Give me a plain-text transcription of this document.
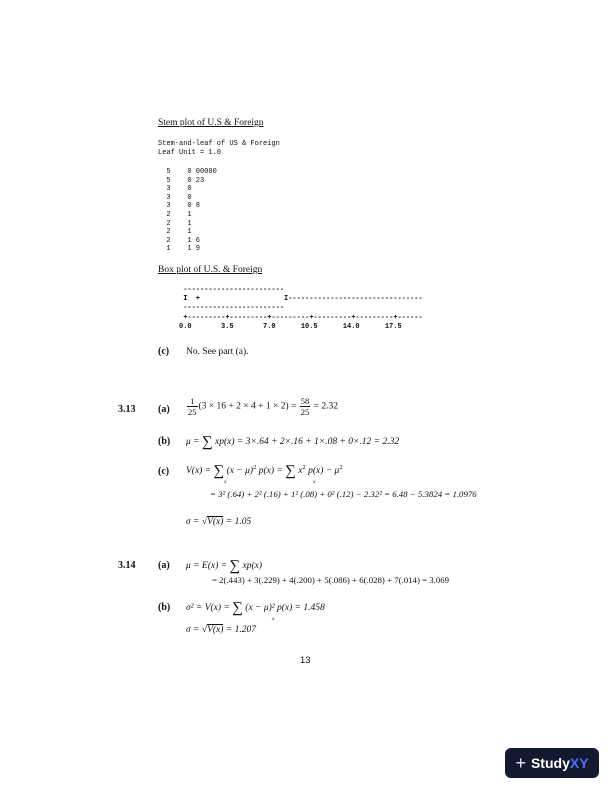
Stem plot of U.S & Foreign
Stem-and-leaf of US & Foreign
Leaf Unit = 1.0
5    0 00000
5    0 23
3    0
3    0
3    0 8
2    1
2    1
2    1
2    1 6
1    1 9
Box plot of U.S. & Foreign
------------------------
I  +                    I--------------------------------
------------------------
+---------+---------+---------+---------+---------+------
0.0       3.5       7.0      10.5      14.0      17.5
(c) No. See part (a).
3.13 $(a) \frac{1}{25} (3 \times 16 + 2 \times 4 + 1 \times 2) = \frac{58}{25} = 2.32$
(b) μ = ∑ xp(x) = 3×.64 + 2×.16 + 1×.08 + 0×.12 = 2.32
(c) V(x) = ∑ $(x - \mu)^2$ p(x) = ∑ $x^2$ $p(x) - \mu^2$
x	x
= 3² (.64) + 2² (.16) + 1² (.08) + 0² (.12) − 2.32² = 6.48 − 5.3824 = 1.0976
σ = √V(x) = 1.05
3.14 (a) μ = E(x) = ∑ xp(x)
= 2(.443) + 3(.229) + 4(.200) + 5(.086) + 6(.028) + 7(.014) = 3.069
(b) σ² = V(x) = ∑ (x − μ)² p(x) = 1.458
x
σ = √V(x) = 1.207
13
+ Study XY
